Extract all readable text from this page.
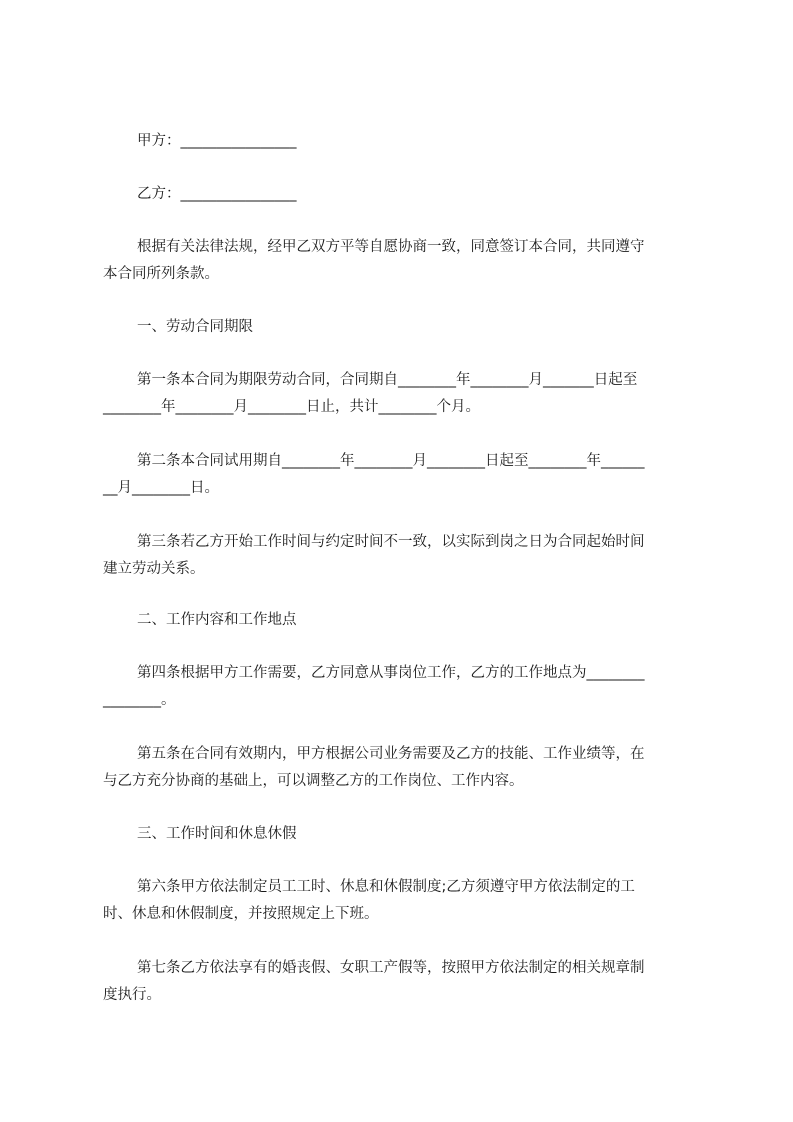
甲方：________________

乙方：________________

根据有关法律法规，经甲乙双方平等自愿协商一致，同意签订本合同，共同遵守

本合同所列条款。

一、劳动合同期限

第一条本合同为期限劳动合同，合同期自________年________月_______日起至

________年________月________日止，共计________个月。

第二条本合同试用期自________年________月________日起至________年______

__月________日。

第三条若乙方开始工作时间与约定时间不一致，以实际到岗之日为合同起始时间

建立劳动关系。

二、工作内容和工作地点

第四条根据甲方工作需要，乙方同意从事岗位工作，乙方的工作地点为________

________。

第五条在合同有效期内，甲方根据公司业务需要及乙方的技能、工作业绩等，在

与乙方充分协商的基础上，可以调整乙方的工作岗位、工作内容。

三、工作时间和休息休假

第六条甲方依法制定员工工时、休息和休假制度;乙方须遵守甲方依法制定的工

时、休息和休假制度，并按照规定上下班。

第七条乙方依法享有的婚丧假、女职工产假等，按照甲方依法制定的相关规章制

度执行。
